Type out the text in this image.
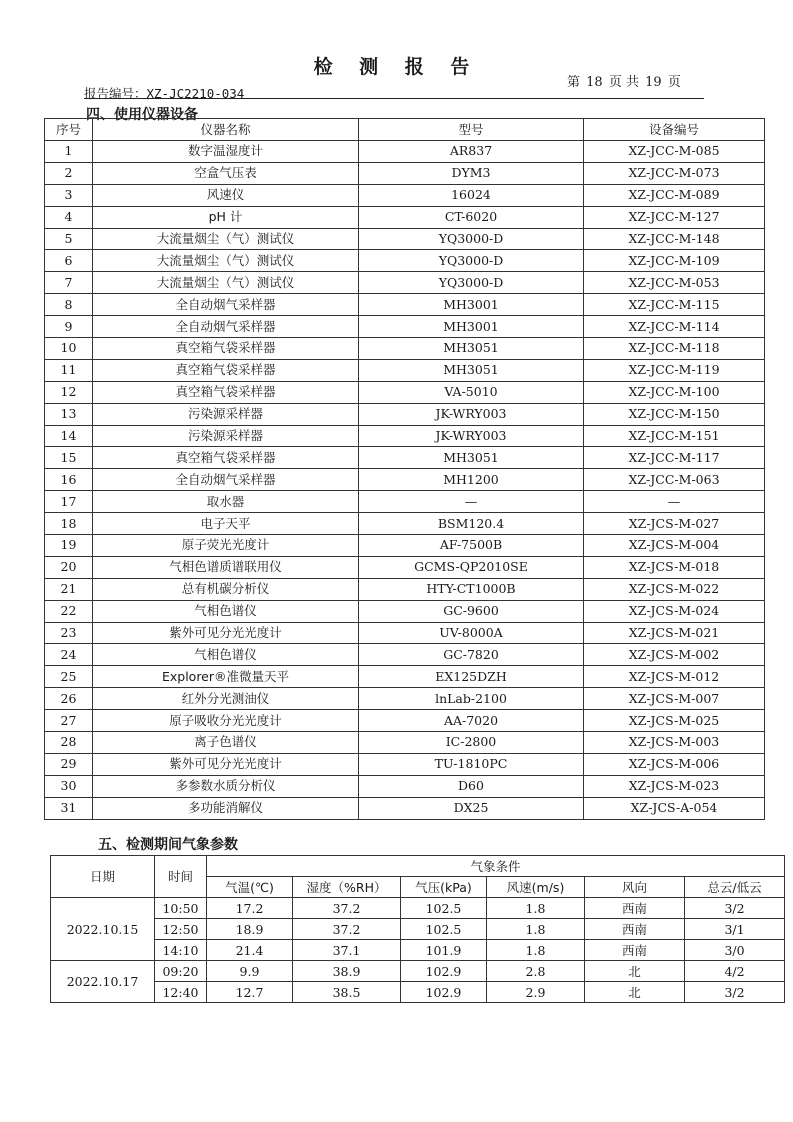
检 测 报 告
第 18 页 共 19 页
报告编号：XZ-JC2210-034
四、使用仪器设备
序号	仪器名称	型号	设备编号
1	数字温湿度计	AR837	XZ-JCC-M-085
2	空盒气压表	DYM3	XZ-JCC-M-073
3	风速仪	16024	XZ-JCC-M-089
4	pH 计	CT-6020	XZ-JCC-M-127
5	大流量烟尘（气）测试仪	YQ3000-D	XZ-JCC-M-148
6	大流量烟尘（气）测试仪	YQ3000-D	XZ-JCC-M-109
7	大流量烟尘（气）测试仪	YQ3000-D	XZ-JCC-M-053
8	全自动烟气采样器	MH3001	XZ-JCC-M-115
9	全自动烟气采样器	MH3001	XZ-JCC-M-114
10	真空箱气袋采样器	MH3051	XZ-JCC-M-118
11	真空箱气袋采样器	MH3051	XZ-JCC-M-119
12	真空箱气袋采样器	VA-5010	XZ-JCC-M-100
13	污染源采样器	JK-WRY003	XZ-JCC-M-150
14	污染源采样器	JK-WRY003	XZ-JCC-M-151
15	真空箱气袋采样器	MH3051	XZ-JCC-M-117
16	全自动烟气采样器	MH1200	XZ-JCC-M-063
17	取水器	—	—
18	电子天平	BSM120.4	XZ-JCS-M-027
19	原子荧光光度计	AF-7500B	XZ-JCS-M-004
20	气相色谱质谱联用仪	GCMS-QP2010SE	XZ-JCS-M-018
21	总有机碳分析仪	HTY-CT1000B	XZ-JCS-M-022
22	气相色谱仪	GC-9600	XZ-JCS-M-024
23	紫外可见分光光度计	UV-8000A	XZ-JCS-M-021
24	气相色谱仪	GC-7820	XZ-JCS-M-002
25	Explorer®准微量天平	EX125DZH	XZ-JCS-M-012
26	红外分光测油仪	lnLab-2100	XZ-JCS-M-007
27	原子吸收分光光度计	AA-7020	XZ-JCS-M-025
28	离子色谱仪	IC-2800	XZ-JCS-M-003
29	紫外可见分光光度计	TU-1810PC	XZ-JCS-M-006
30	多参数水质分析仪	D60	XZ-JCS-M-023
31	多功能消解仪	DX25	XZ-JCS-A-054
五、检测期间气象参数
日期	时间	气象条件					
		气温(℃)	湿度（%RH）	气压(kPa)	风速(m/s)	风向	总云/低云
2022.10.15	10:50	17.2	37.2	102.5	1.8	西南	3/2
	12:50	18.9	37.2	102.5	1.8	西南	3/1
	14:10	21.4	37.1	101.9	1.8	西南	3/0
2022.10.17	09:20	9.9	38.9	102.9	2.8	北	4/2
	12:40	12.7	38.5	102.9	2.9	北	3/2
